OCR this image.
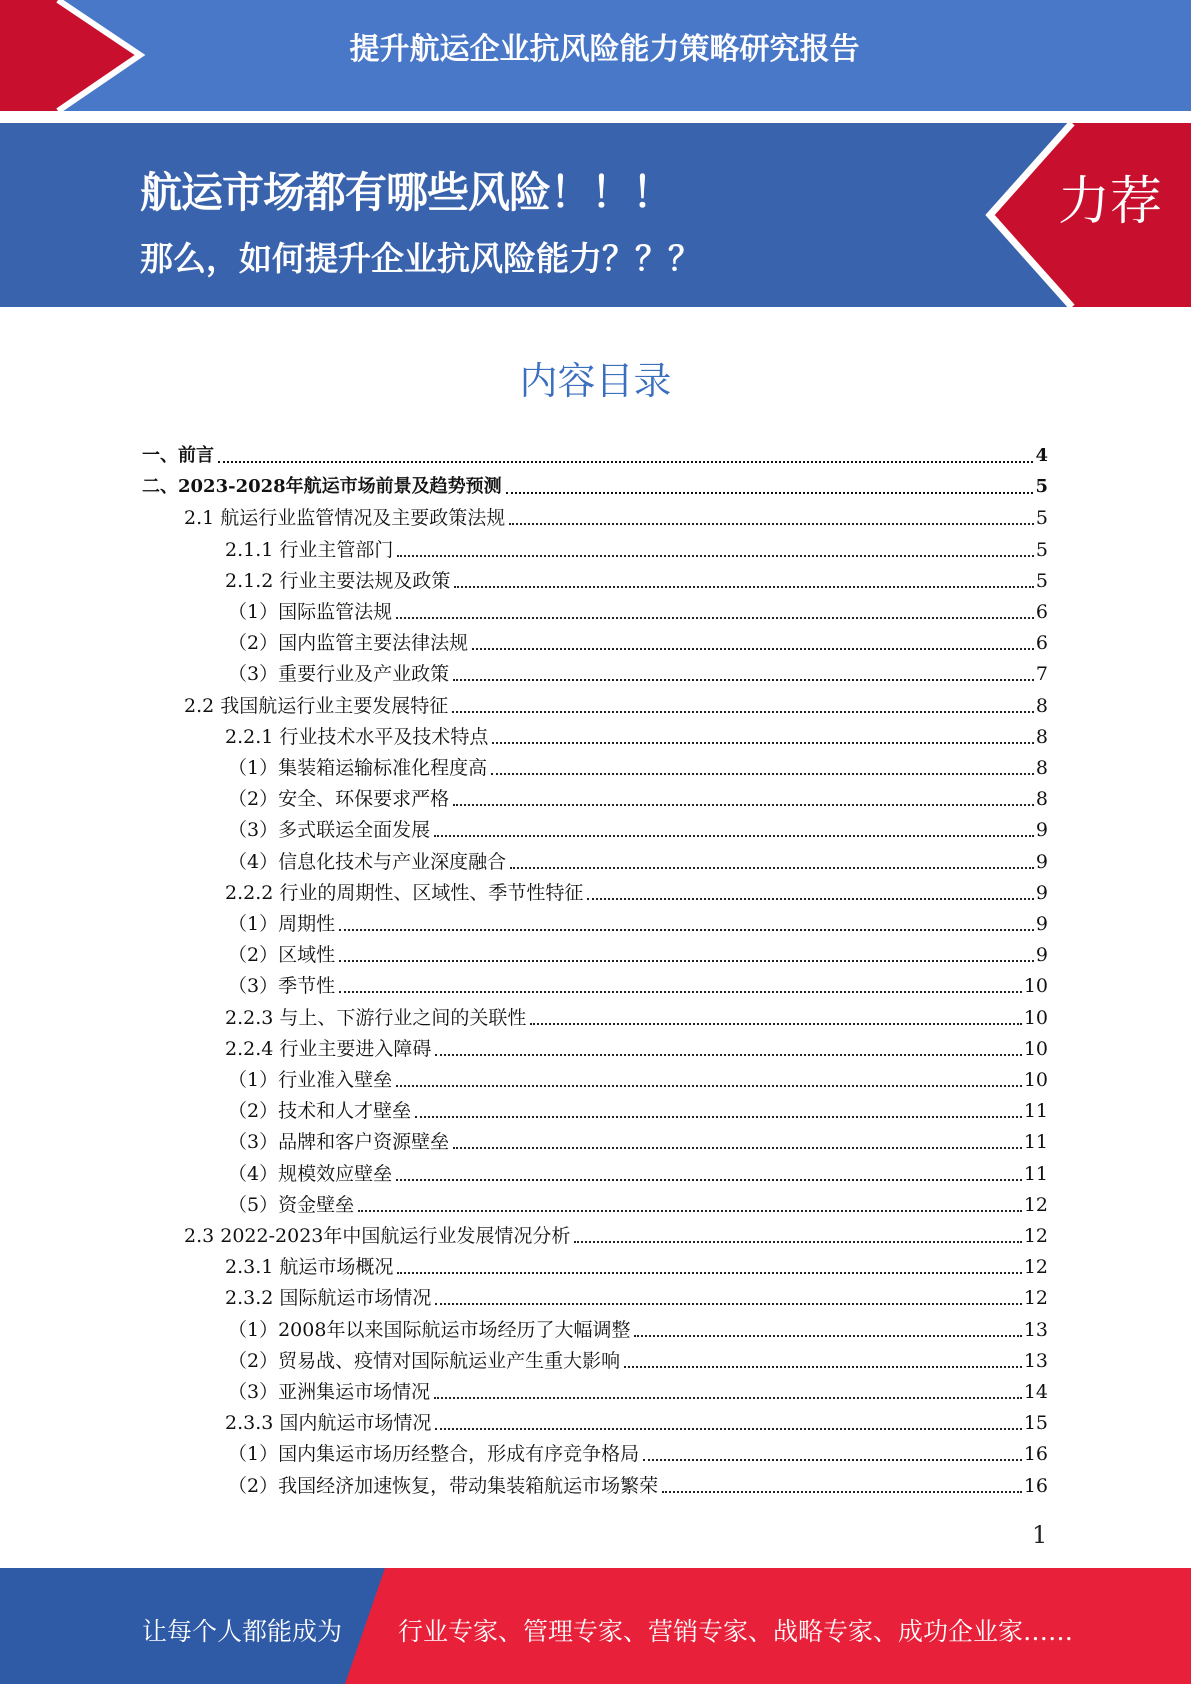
提升航运企业抗风险能力策略研究报告
航运市场都有哪些风险！！！
那么，如何提升企业抗风险能力？？？
力荐
内容目录
一、前言	4
二、2023-2028年航运市场前景及趋势预测	5
2.1 航运行业监管情况及主要政策法规	5
2.1.1 行业主管部门	5
2.1.2 行业主要法规及政策	5
（1）国际监管法规	6
（2）国内监管主要法律法规	6
（3）重要行业及产业政策	7
2.2 我国航运行业主要发展特征	8
2.2.1 行业技术水平及技术特点	8
（1）集装箱运输标准化程度高	8
（2）安全、环保要求严格	8
（3）多式联运全面发展	9
（4）信息化技术与产业深度融合	9
2.2.2 行业的周期性、区域性、季节性特征	9
（1）周期性	9
（2）区域性	9
（3）季节性	10
2.2.3 与上、下游行业之间的关联性	10
2.2.4 行业主要进入障碍	10
（1）行业准入壁垒	10
（2）技术和人才壁垒	11
（3）品牌和客户资源壁垒	11
（4）规模效应壁垒	11
（5）资金壁垒	12
2.3 2022-2023年中国航运行业发展情况分析	12
2.3.1 航运市场概况	12
2.3.2 国际航运市场情况	12
（1）2008年以来国际航运市场经历了大幅调整	13
（2）贸易战、疫情对国际航运业产生重大影响	13
（3）亚洲集运市场情况	14
2.3.3 国内航运市场情况	15
（1）国内集运市场历经整合，形成有序竞争格局	16
（2）我国经济加速恢复，带动集装箱航运市场繁荣	16
1
让每个人都能成为 行业专家、管理专家、营销专家、战略专家、成功企业家……
